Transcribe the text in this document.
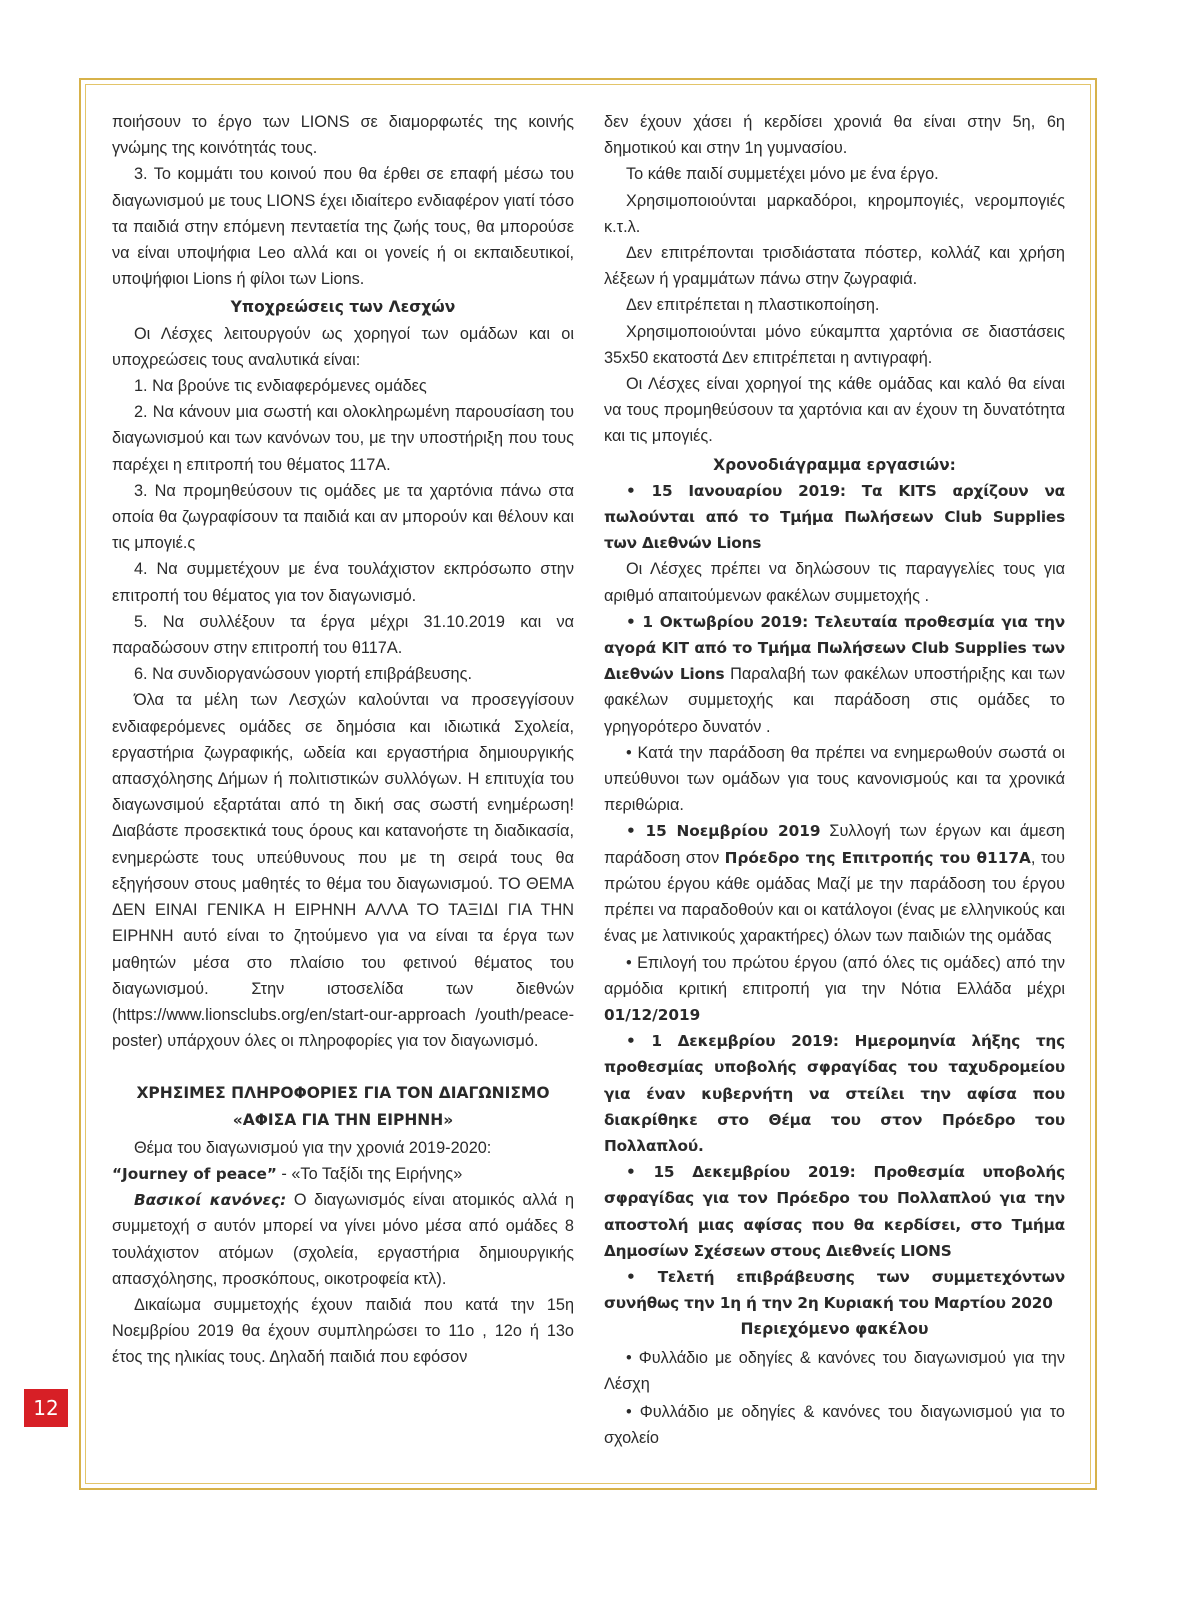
12

ποιήσουν το έργο των LIONS σε διαμορφωτές της κοινής γνώμης της κοινότητάς τους.

3. Το κομμάτι του κοινού που θα έρθει σε επαφή μέσω του διαγωνισμού με τους LIONS έχει ιδιαίτερο ενδιαφέρον γιατί τόσο τα παιδιά στην επόμενη πενταετία της ζωής τους, θα μπορούσε να είναι υποψήφια Leo αλλά και οι γονείς ή οι εκπαιδευτικοί, υποψήφιοι Lions ή φίλοι των Lions.

Υποχρεώσεις των Λεσχών

Οι Λέσχες λειτουργούν ως χορηγοί των ομάδων και οι υποχρεώσεις τους αναλυτικά είναι:

1. Να βρούνε τις ενδιαφερόμενες ομάδες

2. Να κάνουν μια σωστή και ολοκληρωμένη παρουσίαση του διαγωνισμού και των κανόνων του, με την υποστήριξη που τους παρέχει η επιτροπή του θέματος 117Α.

3. Να προμηθεύσουν τις ομάδες με τα χαρτόνια πάνω στα οποία θα ζωγραφίσουν τα παιδιά και αν μπορούν και θέλουν και τις μπογιέ.ς

4. Να συμμετέχουν με ένα τουλάχιστον εκπρόσωπο στην επιτροπή του θέματος για τον διαγωνισμό.

5. Να συλλέξουν τα έργα μέχρι 31.10.2019 και να παραδώσουν στην επιτροπή του θ117Α.

6. Να συνδιοργανώσουν γιορτή επιβράβευσης.

Όλα τα μέλη των Λεσχών καλούνται να προσεγγίσουν ενδιαφερόμενες ομάδες σε δημόσια και ιδιωτικά Σχολεία, εργαστήρια ζωγραφικής, ωδεία και εργαστήρια δημιουργικής απασχόλησης Δήμων ή πολιτιστικών συλλόγων. Η επιτυχία του διαγωνσιμού εξαρτάται από τη δική σας σωστή ενημέρωση! Διαβάστε προσεκτικά τους όρους και κατανοήστε τη διαδικασία, ενημερώστε τους υπεύθυνους που με τη σειρά τους θα εξηγήσουν στους μαθητές το θέμα του διαγωνισμού. ΤΟ ΘΕΜΑ ΔΕΝ ΕΙΝΑΙ ΓΕΝΙΚΑ Η ΕΙΡΗΝΗ ΑΛΛΑ ΤΟ ΤΑΞΙΔΙ ΓΙΑ ΤΗΝ ΕΙΡΗΝΗ αυτό είναι το ζητούμενο για να είναι τα έργα των μαθητών μέσα στο πλαίσιο του φετινού θέματος του διαγωνισμού. Στην ιστοσελίδα των διεθνών (https://www.lionsclubs.org/en/start-our-approach /youth/peace- poster) υπάρχουν όλες οι πληροφορίες για τον διαγωνισμό.

ΧΡΗΣΙΜΕΣ ΠΛΗΡΟΦΟΡΙΕΣ ΓΙΑ ΤΟΝ ΔΙΑΓΩΝΙΣΜΟ

«ΑΦΙΣΑ ΓΙΑ ΤΗΝ ΕΙΡΗΝΗ»

Θέμα του διαγωνισμού για την χρονιά 2019-2020:
“Journey of peace” - «Το Ταξίδι της Ειρήνης»

Βασικοί κανόνες: Ο διαγωνισμός είναι ατομικός αλλά η συμμετοχή σ αυτόν μπορεί να γίνει μόνο μέσα από ομάδες 8 τουλάχιστον ατόμων (σχολεία, εργαστήρια δημιουργικής απασχόλησης, προσκόπους, οικοτροφεία κτλ).

Δικαίωμα συμμετοχής έχουν παιδιά που κατά την 15η Νοεμβρίου 2019 θα έχουν συμπληρώσει το 11ο , 12ο ή 13ο έτος της ηλικίας τους. Δηλαδή παιδιά που εφόσον

δεν έχουν χάσει ή κερδίσει χρονιά θα είναι στην 5η, 6η δημοτικού και στην 1η γυμνασίου.

Το κάθε παιδί συμμετέχει μόνο με ένα έργο.

Χρησιμοποιούνται μαρκαδόροι, κηρομπογιές, νερομπογιές κ.τ.λ.

Δεν επιτρέπονται τρισδιάστατα πόστερ, κολλάζ και χρήση λέξεων ή γραμμάτων πάνω στην ζωγραφιά.

Δεν επιτρέπεται η πλαστικοποίηση.

Χρησιμοποιούνται μόνο εύκαμπτα χαρτόνια σε διαστάσεις 35x50 εκατοστά Δεν επιτρέπεται η αντιγραφή.

Οι Λέσχες είναι χορηγοί της κάθε ομάδας και καλό θα είναι να τους προμηθεύσουν τα χαρτόνια και αν έχουν τη δυνατότητα και τις μπογιές.

Χρονοδιάγραμμα εργασιών:

• 15 Ιανουαρίου 2019: Τα KITS αρχίζουν να πωλούνται από το Τμήμα Πωλήσεων Club Supplies των Διεθνών Lions

Οι Λέσχες πρέπει να δηλώσουν τις παραγγελίες τους για αριθμό απαιτούμενων φακέλων συμμετοχής .

• 1 Οκτωβρίου 2019: Τελευταία προθεσμία για την αγορά KIT από το Τμήμα Πωλήσεων Club Supplies των Διεθνών Lions Παραλαβή των φακέλων υποστήριξης και των φακέλων συμμετοχής και παράδοση στις ομάδες το γρηγορότερο δυνατόν .

• Κατά την παράδοση θα πρέπει να ενημερωθούν σωστά οι υπεύθυνοι των ομάδων για τους κανονισμούς και τα χρονικά περιθώρια.

• 15 Νοεμβρίου 2019 Συλλογή των έργων και άμεση παράδοση στον Πρόεδρο της Επιτροπής του θ117Α, του πρώτου έργου κάθε ομάδας Μαζί με την παράδοση του έργου πρέπει να παραδοθούν και οι κατάλογοι (ένας με ελληνικούς και ένας με λατινικούς χαρακτήρες) όλων των παιδιών της ομάδας

• Επιλογή του πρώτου έργου (από όλες τις ομάδες) από την αρμόδια κριτική επιτροπή για την Νότια Ελλάδα μέχρι 01/12/2019

• 1 Δεκεμβρίου 2019: Ημερομηνία λήξης της προθεσμίας υποβολής σφραγίδας του ταχυδρομείου για έναν κυβερνήτη να στείλει την αφίσα που διακρίθηκε στο Θέμα του στον Πρόεδρο του Πολλαπλού.

• 15 Δεκεμβρίου 2019: Προθεσμία υποβολής σφραγίδας για τον Πρόεδρο του Πολλαπλού για την αποστολή μιας αφίσας που θα κερδίσει, στο Τμήμα Δημοσίων Σχέσεων στους Διεθνείς LIONS

• Τελετή επιβράβευσης των συμμετεχόντων συνήθως την 1η ή την 2η Κυριακή του Μαρτίου 2020

Περιεχόμενο φακέλου

• Φυλλάδιο με οδηγίες & κανόνες του διαγωνισμού για την Λέσχη

• Φυλλάδιο με οδηγίες & κανόνες του διαγωνισμού για το σχολείο
